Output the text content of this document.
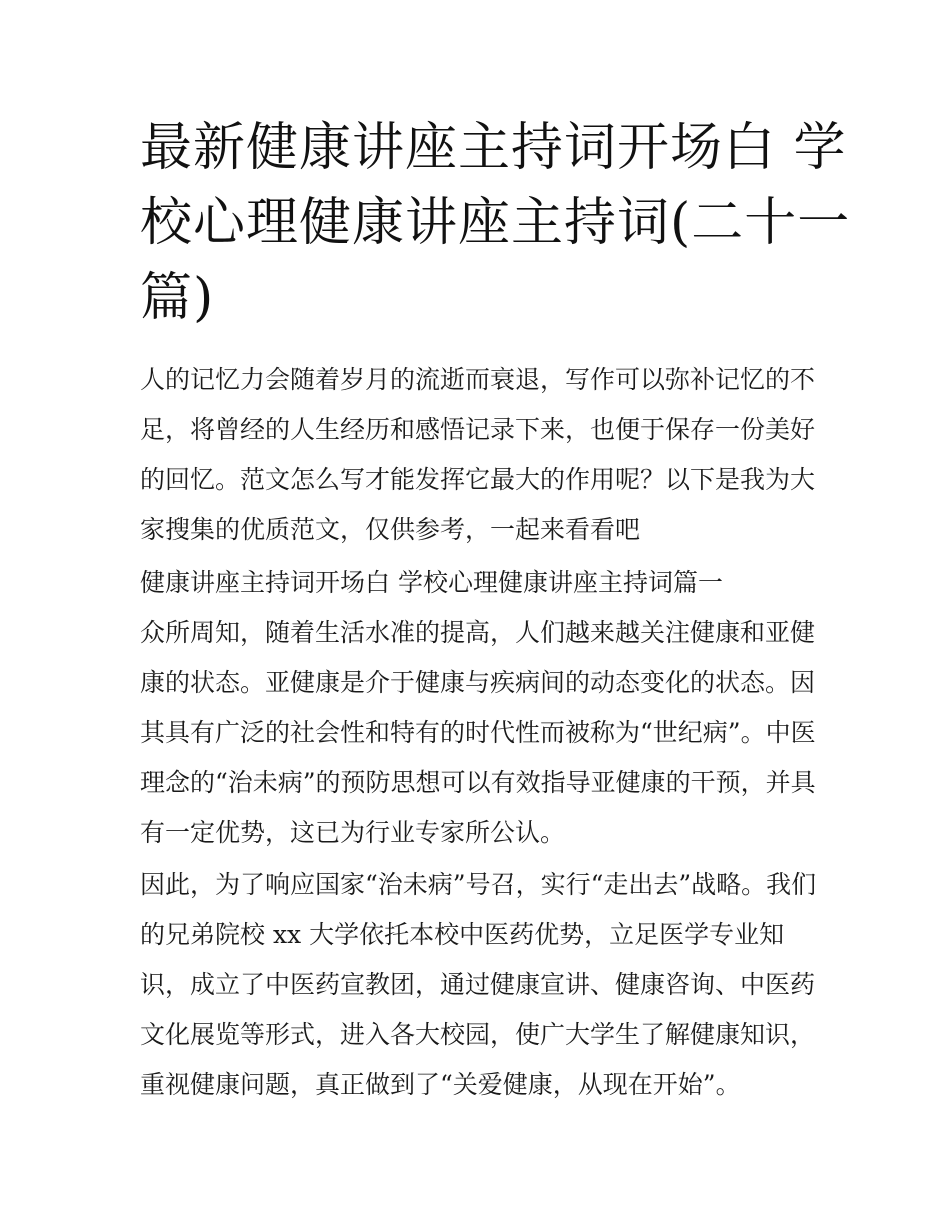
最新健康讲座主持词开场白 学
校心理健康讲座主持词(二十一
篇)
人的记忆力会随着岁月的流逝而衰退，写作可以弥补记忆的不
足，将曾经的人生经历和感悟记录下来，也便于保存一份美好
的回忆。范文怎么写才能发挥它最大的作用呢？以下是我为大
家搜集的优质范文，仅供参考，一起来看看吧
健康讲座主持词开场白 学校心理健康讲座主持词篇一
众所周知，随着生活水准的提高，人们越来越关注健康和亚健
康的状态。亚健康是介于健康与疾病间的动态变化的状态。因
其具有广泛的社会性和特有的时代性而被称为“世纪病”。中医
理念的“治未病”的预防思想可以有效指导亚健康的干预，并具
有一定优势，这已为行业专家所公认。
因此，为了响应国家“治未病”号召，实行“走出去”战略。我们
的兄弟院校 xx 大学依托本校中医药优势，立足医学专业知
识，成立了中医药宣教团，通过健康宣讲、健康咨询、中医药
文化展览等形式，进入各大校园，使广大学生了解健康知识，
重视健康问题，真正做到了“关爱健康，从现在开始”。
